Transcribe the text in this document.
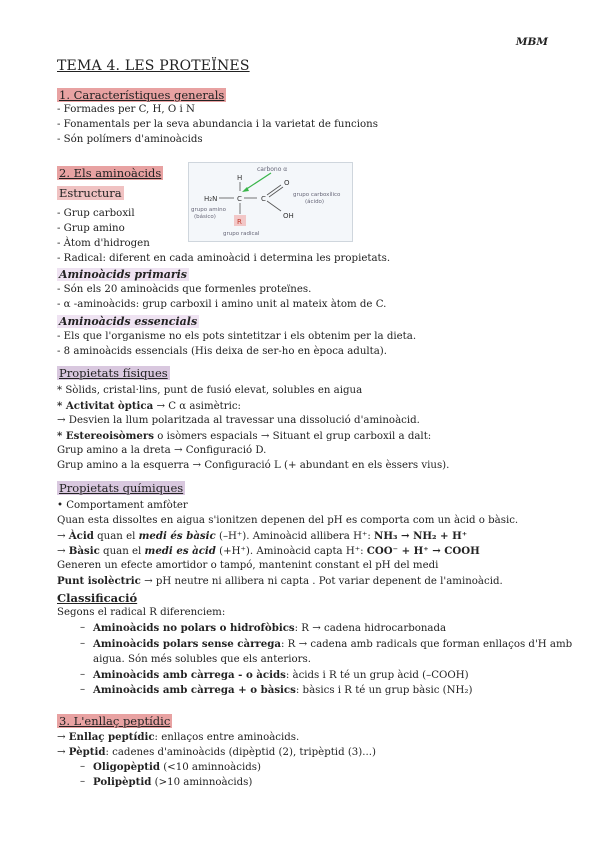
MBM
TEMA 4. LES PROTEÏNES
1. Característiques generals
- Formades per C, H, O i N
- Fonamentals per la seva abundancia i la varietat de funcions
- Són polímers d'aminoàcids
2. Els aminoàcids
Estructura
carbono α
H
H₂N	C	C
O
OH
R
grupo radical
grupo amino
(básico)
grupo carboxílico
(ácido)
- Grup carboxil
- Grup amino
- Àtom d'hidrogen
- Radical: diferent en cada aminoàcid i determina les propietats.
Aminoàcids primaris
- Són els 20 aminoàcids que formenles proteïnes.
- α -aminoàcids: grup carboxil i amino unit al mateix àtom de C.
Aminoàcids essencials
- Els que l'organisme no els pots sintetitzar i els obtenim per la dieta.
- 8 aminoàcids essencials (His deixa de ser-ho en època adulta).
Propietats físiques
* Sòlids, cristal·lins, punt de fusió elevat, solubles en aigua
* Activitat òptica → C α asimètric:
→ Desvien la llum polaritzada al travessar una dissolució d'aminoàcid.
* Estereoisòmers o isòmers espacials → Situant el grup carboxil a dalt:
Grup amino a la dreta → Configuració D.
Grup amino a la esquerra → Configuració L (+ abundant en els èssers vius).
Propietats químiques
• Comportament amfòter
Quan esta dissoltes en aigua s'ionitzen depenen del pH es comporta com un àcid o bàsic.
→ Àcid quan el medi és bàsic (–H⁺). Aminoàcid allibera H⁺: NH₃ → NH₂ + H⁺
→ Bàsic quan el medi es àcid (+H⁺). Aminoàcid capta H⁺: COO⁻ + H⁺ → COOH
Generen un efecte amortidor o tampó, mantenint constant el pH del medi
Punt isolèctric → pH neutre ni allibera ni capta . Pot variar depenent de l'aminoàcid.
Classificació
Segons el radical R diferenciem:
– Aminoàcids no polars o hidrofòbics: R → cadena hidrocarbonada
– Aminoàcids polars sense càrrega: R → cadena amb radicals que forman enllaços d'H amb
aigua. Són més solubles que els anteriors.
– Aminoàcids amb càrrega - o àcids: àcids i R té un grup àcid (–COOH)
– Aminoàcids amb càrrega + o bàsics: bàsics i R té un grup bàsic (NH₂)
3. L'enllaç peptídic
→ Enllaç peptídic: enllaços entre aminoàcids.
→ Pèptid: cadenes d'aminoàcids (dipèptid (2), tripèptid (3)...)
– Oligopèptid (<10 aminnoàcids)
– Polipèptid (>10 aminnoàcids)
